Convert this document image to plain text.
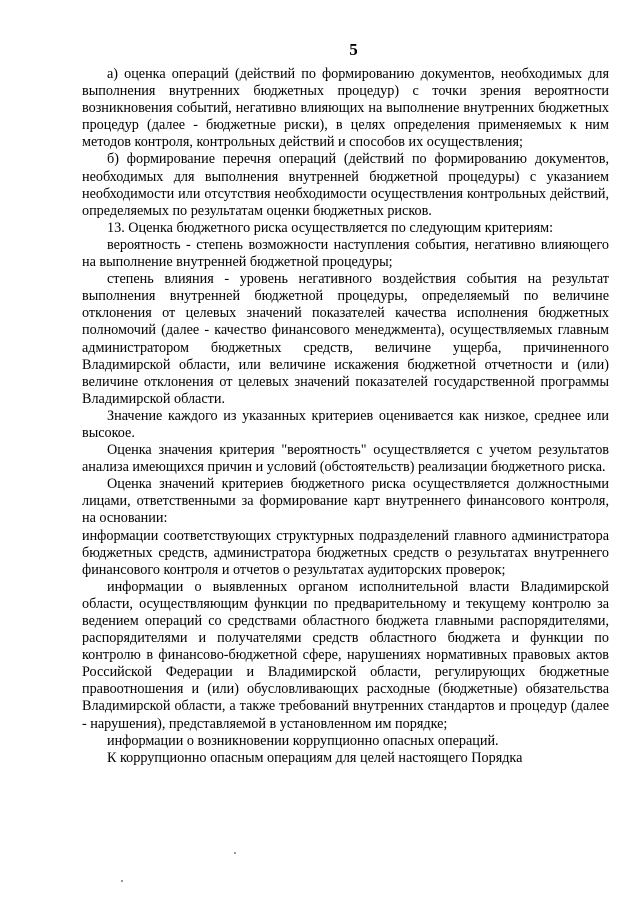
5

а) оценка операций (действий по формированию документов, необходимых для выполнения внутренних бюджетных процедур) с точки зрения вероятности возникновения событий, негативно влияющих на выполнение внутренних бюджетных процедур (далее - бюджетные риски), в целях определения применяемых к ним методов контроля, контрольных действий и способов их осуществления;

б) формирование перечня операций (действий по формированию документов, необходимых для выполнения внутренней бюджетной процедуры) с указанием необходимости или отсутствия необходимости осуществления контрольных действий, определяемых по результатам оценки бюджетных рисков.

13. Оценка бюджетного риска осуществляется по следующим критериям:

вероятность - степень возможности наступления события, негативно влияющего на выполнение внутренней бюджетной процедуры;

степень влияния - уровень негативного воздействия события на результат выполнения внутренней бюджетной процедуры, определяемый по величине отклонения от целевых значений показателей качества исполнения бюджетных полномочий (далее - качество финансового менеджмента), осуществляемых главным администратором бюджетных средств, величине ущерба, причиненного Владимирской области, или величине искажения бюджетной отчетности и (или) величине отклонения от целевых значений показателей государственной программы Владимирской области.

Значение каждого из указанных критериев оценивается как низкое, среднее или высокое.

Оценка значения критерия "вероятность" осуществляется с учетом результатов анализа имеющихся причин и условий (обстоятельств) реализации бюджетного риска.

Оценка значений критериев бюджетного риска осуществляется должностными лицами, ответственными за формирование карт внутреннего финансового контроля, на основании:

информации соответствующих структурных подразделений главного администратора бюджетных средств, администратора бюджетных средств о результатах внутреннего финансового контроля и отчетов о результатах аудиторских проверок;

информации о выявленных органом исполнительной власти Владимирской области, осуществляющим функции по предварительному и текущему контролю за ведением операций со средствами областного бюджета главными распорядителями, распорядителями и получателями средств областного бюджета и функции по контролю в финансово-бюджетной сфере, нарушениях нормативных правовых актов Российской Федерации и Владимирской области, регулирующих бюджетные правоотношения и (или) обусловливающих расходные (бюджетные) обязательства Владимирской области, а также требований внутренних стандартов и процедур (далее - нарушения), представляемой в установленном им порядке;

информации о возникновении коррупционно опасных операций.

К коррупционно опасным операциям для целей настоящего Порядка
